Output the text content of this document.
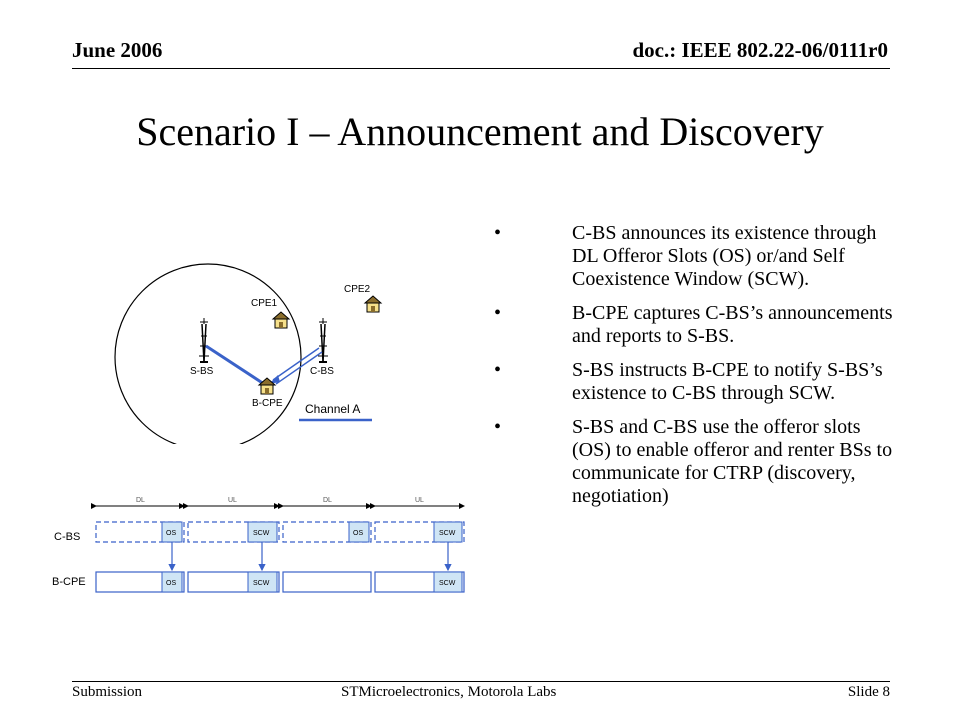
June 2006	doc.: IEEE 802.22-06/0111r0
Scenario I – Announcement and Discovery
CPE1
CPE2
S-BS	C-BS
B-CPE Channel A
DL	UL	DL	UL
C-BS
B-CPE
OS	SCW	OS	SCW
OS	SCW	SCW
•	C-BS announces its existence through DL Offeror Slots (OS) or/and Self Coexistence Window (SCW).
•	B-CPE captures C-BS’s announcements and reports to S-BS.
•	S-BS instructs B-CPE to notify S-BS’s existence to C-BS through SCW.
•	S-BS and C-BS use the offeror slots (OS) to enable offeror and renter BSs to communicate for CTRP (discovery, negotiation)
Submission	STMicroelectronics, Motorola Labs	Slide 8
